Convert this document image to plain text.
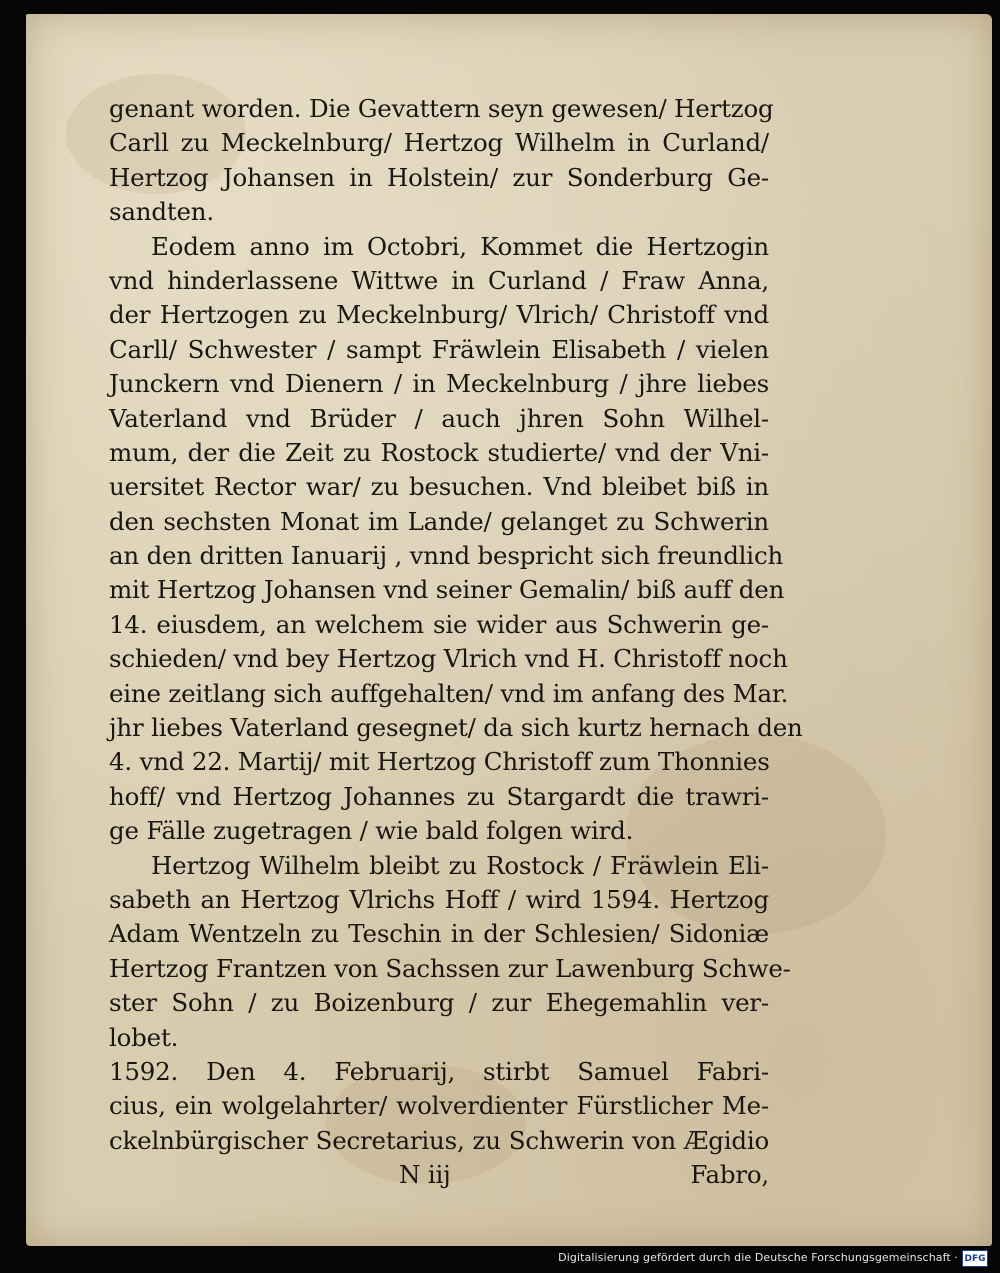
genant worden. Die Gevattern seyn gewesen/ Hertzog
Carll zu Meckelnburg/ Hertzog Wilhelm in Curland/
Hertzog Johansen in Holstein/ zur Sonderburg Ge-
sandten.
Eodem anno im Octobri, Kommet die Hertzogin
vnd hinderlassene Wittwe in Curland / Fraw Anna,
der Hertzogen zu Meckelnburg/ Vlrich/ Christoff vnd
Carll/ Schwester / sampt Fräwlein Elisabeth / vielen
Junckern vnd Dienern / in Meckelnburg / jhre liebes
Vaterland vnd Brüder / auch jhren Sohn Wilhel-
mum, der die Zeit zu Rostock studierte/ vnd der Vni-
uersitet Rector war/ zu besuchen. Vnd bleibet biß in
den sechsten Monat im Lande/ gelanget zu Schwerin
an den dritten Ianuarij , vnnd bespricht sich freundlich
mit Hertzog Johansen vnd seiner Gemalin/ biß auff den
14. eiusdem, an welchem sie wider aus Schwerin ge-
schieden/ vnd bey Hertzog Vlrich vnd H. Christoff noch
eine zeitlang sich auffgehalten/ vnd im anfang des Mar.
jhr liebes Vaterland gesegnet/ da sich kurtz hernach den
4. vnd 22. Martij/ mit Hertzog Christoff zum Thonnies
hoff/ vnd Hertzog Johannes zu Stargardt die trawri-
ge Fälle zugetragen / wie bald folgen wird.
Hertzog Wilhelm bleibt zu Rostock / Fräwlein Eli-
sabeth an Hertzog Vlrichs Hoff / wird 1594. Hertzog
Adam Wentzeln zu Teschin in der Schlesien/ Sidoniæ
Hertzog Frantzen von Sachssen zur Lawenburg Schwe-
ster Sohn / zu Boizenburg / zur Ehegemahlin ver-
lobet.
1592. Den 4. Februarij, stirbt Samuel Fabri-
cius, ein wolgelahrter/ wolverdienter Fürstlicher Me-
ckelnbürgischer Secretarius, zu Schwerin von Ægidio
N iij	Fabro,
Digitalisierung gefördert durch die Deutsche Forschungsgemeinschaft · DFG
